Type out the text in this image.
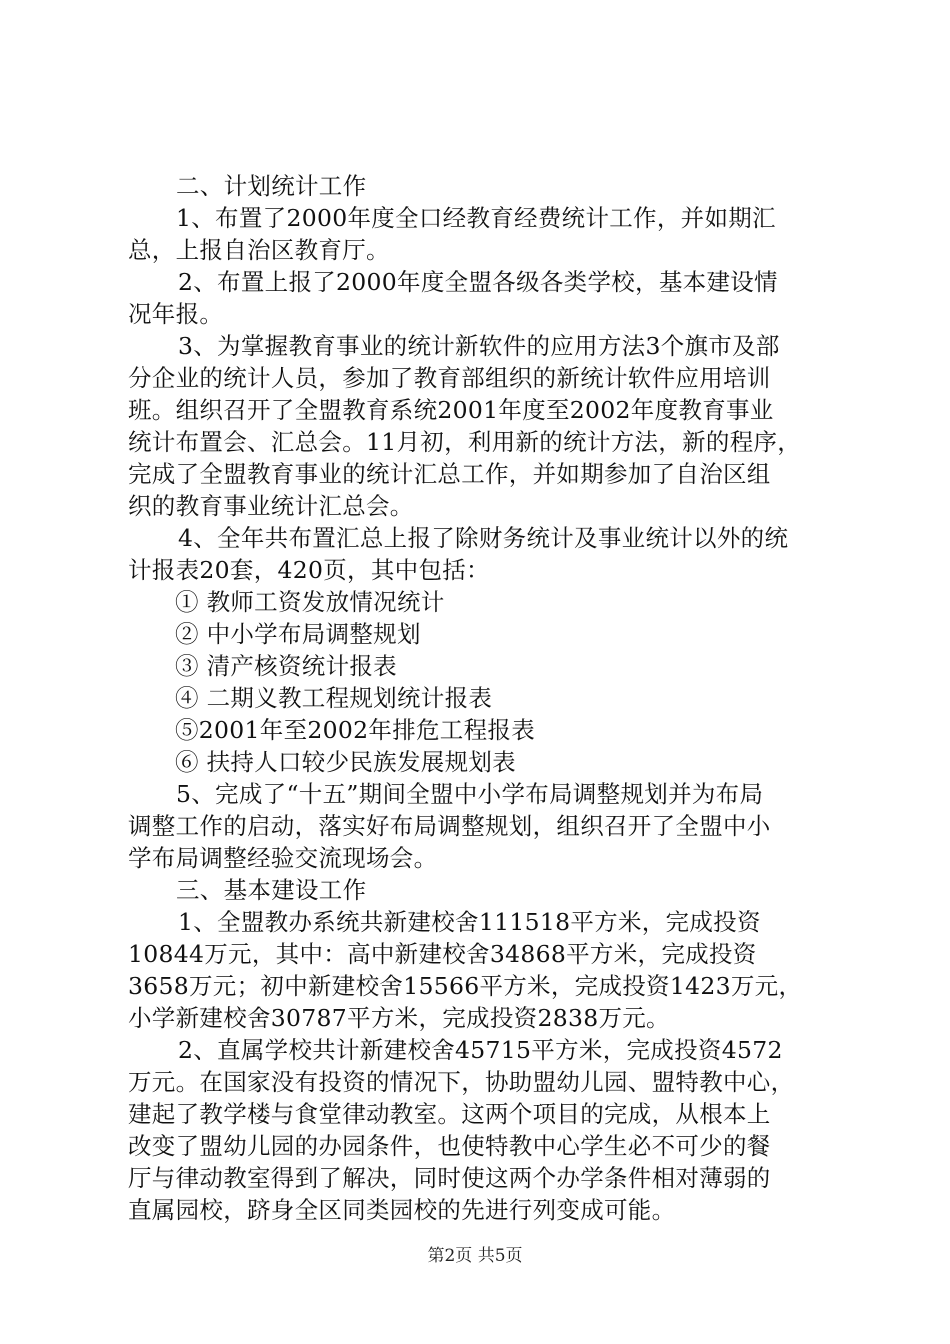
二、计划统计工作
1、布置了2000年度全口经教育经费统计工作，并如期汇
总，上报自治区教育厅。
2、布置上报了2000年度全盟各级各类学校，基本建设情
况年报。
3、为掌握教育事业的统计新软件的应用方法3个旗市及部
分企业的统计人员，参加了教育部组织的新统计软件应用培训
班。组织召开了全盟教育系统2001年度至2002年度教育事业
统计布置会、汇总会。11月初，利用新的统计方法，新的程序，
完成了全盟教育事业的统计汇总工作，并如期参加了自治区组
织的教育事业统计汇总会。
4、全年共布置汇总上报了除财务统计及事业统计以外的统
计报表20套，420页，其中包括：
① 教师工资发放情况统计
② 中小学布局调整规划
③ 清产核资统计报表
④ 二期义教工程规划统计报表
⑤2001年至2002年排危工程报表
⑥ 扶持人口较少民族发展规划表
5、完成了“十五”期间全盟中小学布局调整规划并为布局
调整工作的启动，落实好布局调整规划，组织召开了全盟中小
学布局调整经验交流现场会。
三、基本建设工作
1、全盟教办系统共新建校舍111518平方米，完成投资
10844万元，其中：高中新建校舍34868平方米，完成投资
3658万元；初中新建校舍15566平方米，完成投资1423万元，
小学新建校舍30787平方米，完成投资2838万元。
2、直属学校共计新建校舍45715平方米，完成投资4572
万元。在国家没有投资的情况下，协助盟幼儿园、盟特教中心，
建起了教学楼与食堂律动教室。这两个项目的完成，从根本上
改变了盟幼儿园的办园条件，也使特教中心学生必不可少的餐
厅与律动教室得到了解决，同时使这两个办学条件相对薄弱的
直属园校，跻身全区同类园校的先进行列变成可能。
第2页 共5页
